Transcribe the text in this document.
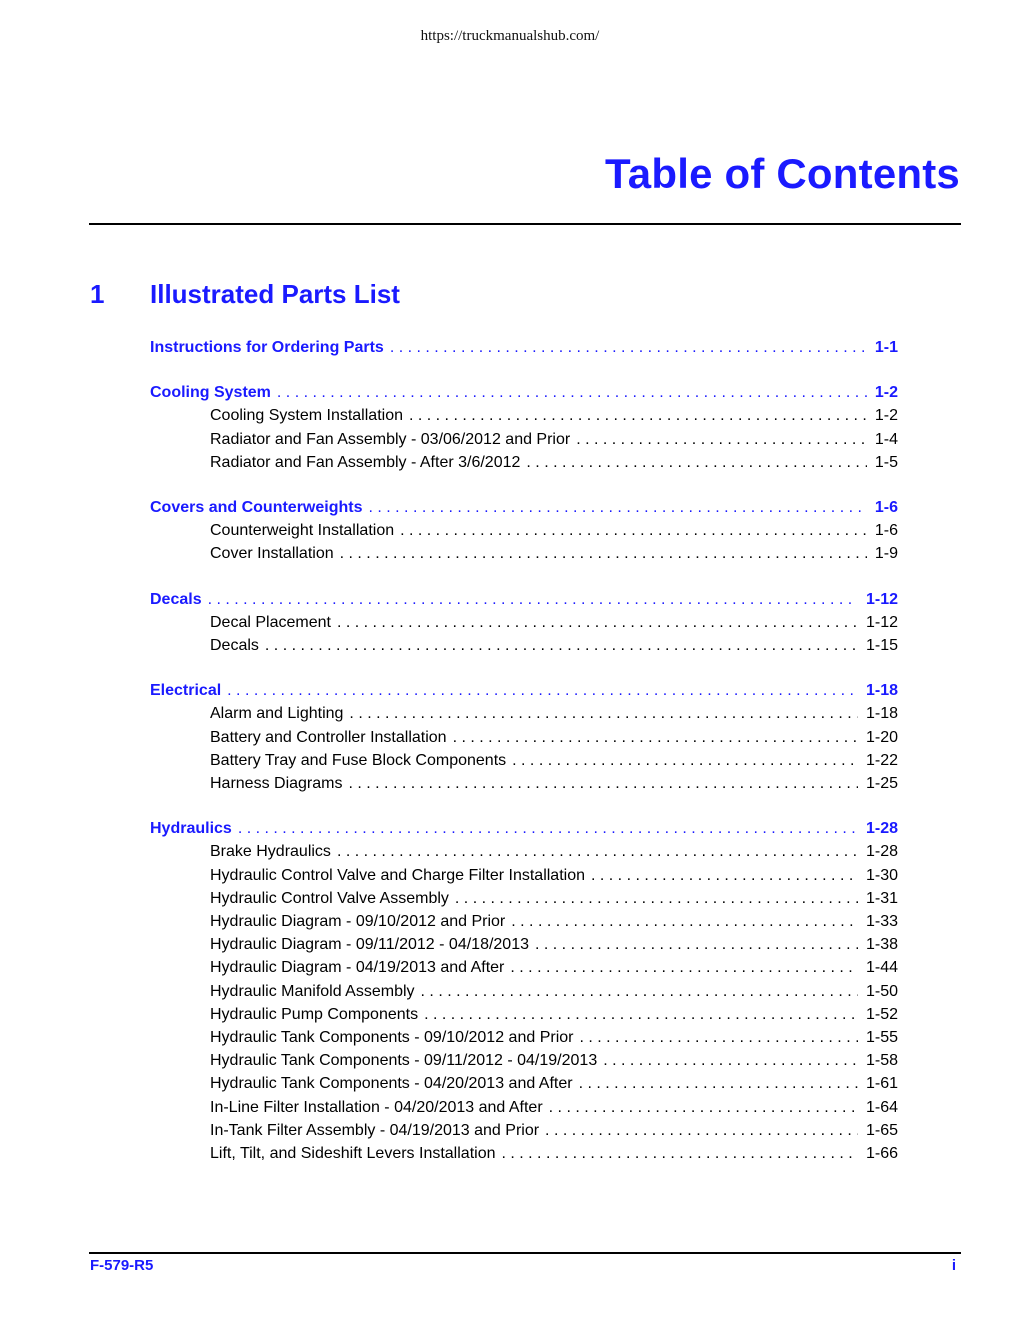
https://truckmanualshub.com/
Table of Contents
1 Illustrated Parts List
Instructions for Ordering Parts . . .	1-1
Cooling System . . .	1-2
Cooling System Installation . . .	1-2
Radiator and Fan Assembly - 03/06/2012 and Prior . . .	1-4
Radiator and Fan Assembly - After 3/6/2012 . . .	1-5
Covers and Counterweights . . .	1-6
Counterweight Installation . . .	1-6
Cover Installation . . .	1-9
Decals . . .	1-12
Decal Placement . . .	1-12
Decals . . .	1-15
Electrical . . .	1-18
Alarm and Lighting . . .	1-18
Battery and Controller Installation . . .	1-20
Battery Tray and Fuse Block Components . . .	1-22
Harness Diagrams . . .	1-25
Hydraulics . . .	1-28
Brake Hydraulics . . .	1-28
Hydraulic Control Valve and Charge Filter Installation . . .	1-30
Hydraulic Control Valve Assembly . . .	1-31
Hydraulic Diagram - 09/10/2012 and Prior . . .	1-33
Hydraulic Diagram - 09/11/2012 - 04/18/2013 . . .	1-38
Hydraulic Diagram - 04/19/2013 and After . . .	1-44
Hydraulic Manifold Assembly . . .	1-50
Hydraulic Pump Components . . .	1-52
Hydraulic Tank Components - 09/10/2012 and Prior . . .	1-55
Hydraulic Tank Components - 09/11/2012 - 04/19/2013 . . .	1-58
Hydraulic Tank Components - 04/20/2013 and After . . .	1-61
In-Line Filter Installation - 04/20/2013 and After . . .	1-64
In-Tank Filter Assembly - 04/19/2013 and Prior . . .	1-65
Lift, Tilt, and Sideshift Levers Installation . . .	1-66
F-579-R5	i
